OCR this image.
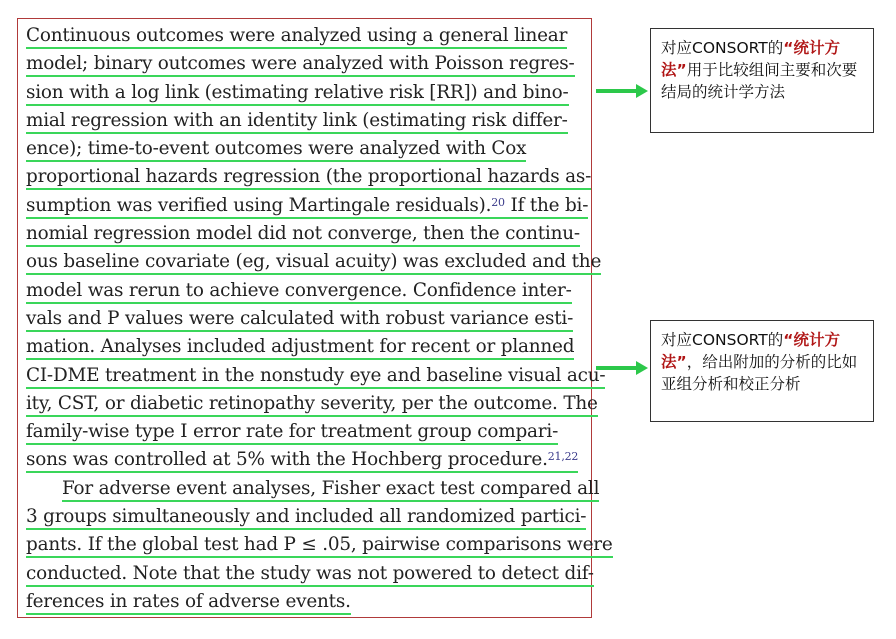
Continuous outcomes were analyzed using a general linear
model; binary outcomes were analyzed with Poisson regres-
sion with a log link (estimating relative risk [RR]) and bino-
mial regression with an identity link (estimating risk differ-
ence); time-to-event outcomes were analyzed with Cox
proportional hazards regression (the proportional hazards as-
sumption was verified using Martingale residuals).$^{20}$ If the bi-
nomial regression model did not converge, then the continu-
ous baseline covariate (eg, visual acuity) was excluded and the
model was rerun to achieve convergence. Confidence inter-
vals and P values were calculated with robust variance esti-
mation. Analyses included adjustment for recent or planned
CI-DME treatment in the nonstudy eye and baseline visual acu-
ity, CST, or diabetic retinopathy severity, per the outcome. The
family-wise type I error rate for treatment group compari-
sons was controlled at 5% with the Hochberg procedure.$^{21,22}$
For adverse event analyses, Fisher exact test compared all
3 groups simultaneously and included all randomized partici-
pants. If the global test had P ≤ .05, pairwise comparisons were
conducted. Note that the study was not powered to detect dif-
ferences in rates of adverse events.
对应CONSORT的“统计方法”用于比较组间主要和次要结局的统计学方法
对应CONSORT的“统计方法”，给出附加的分析的比如亚组分析和校正分析
